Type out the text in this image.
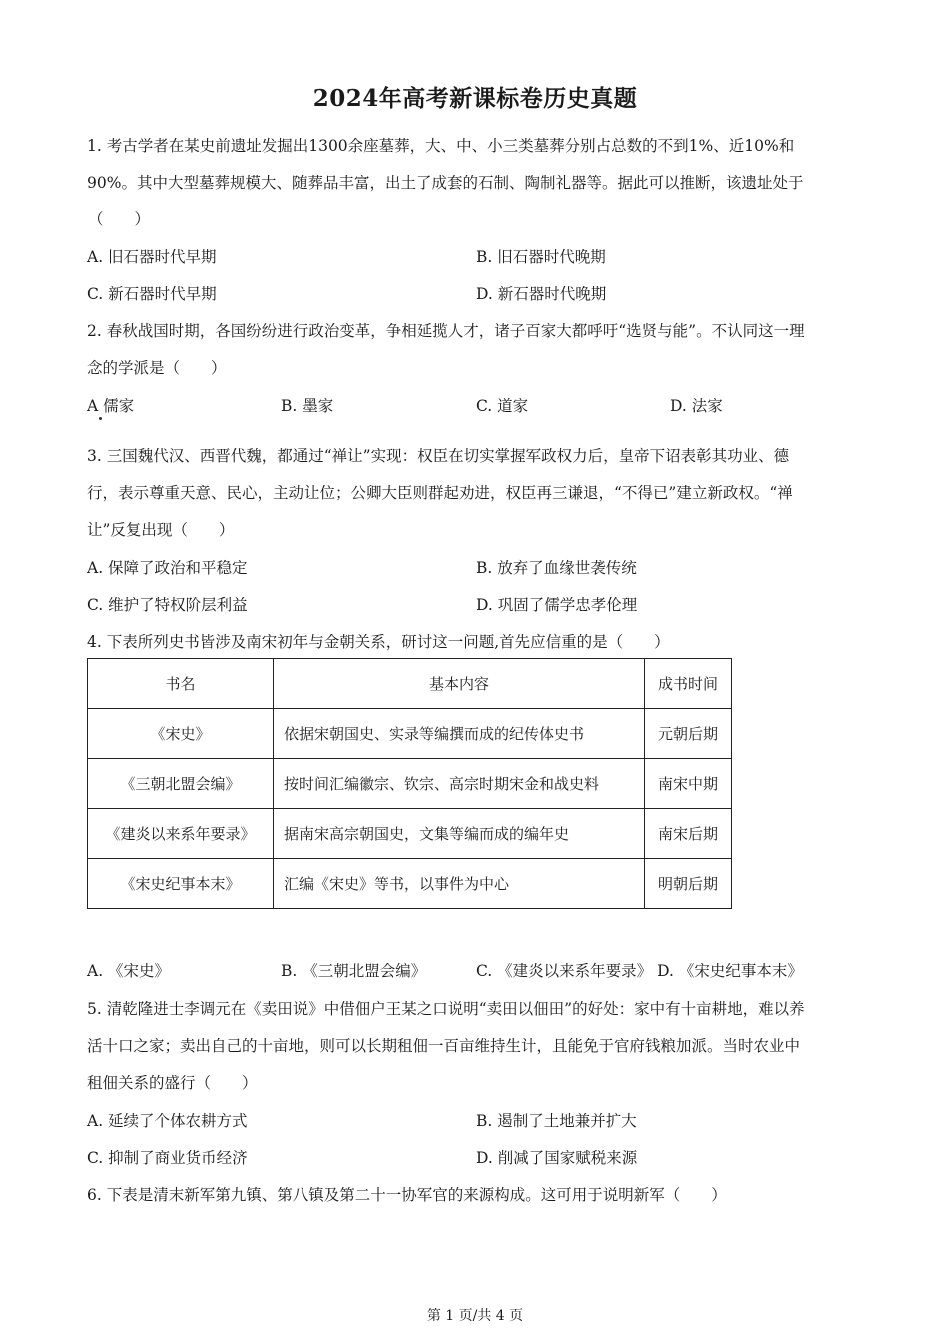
2024年高考新课标卷历史真题
1. 考古学者在某史前遗址发掘出1300余座墓葬，大、中、小三类墓葬分别占总数的不到1%、近10%和
90%。其中大型墓葬规模大、随葬品丰富，出土了成套的石制、陶制礼器等。据此可以推断，该遗址处于
（　　）
A. 旧石器时代早期	B. 旧石器时代晚期
C. 新石器时代早期	D. 新石器时代晚期
2. 春秋战国时期，各国纷纷进行政治变革，争相延揽人才，诸子百家大都呼吁“选贤与能”。不认同这一理
念的学派是（　　）
A 儒家	B. 墨家	C. 道家	D. 法家
3. 三国魏代汉、西晋代魏，都通过“禅让”实现：权臣在切实掌握军政权力后，皇帝下诏表彰其功业、德
行，表示尊重天意、民心，主动让位；公卿大臣则群起劝进，权臣再三谦退，“不得已”建立新政权。“禅
让”反复出现（　　）
A. 保障了政治和平稳定	B. 放弃了血缘世袭传统
C. 维护了特权阶层利益	D. 巩固了儒学忠孝伦理
4. 下表所列史书皆涉及南宋初年与金朝关系，研讨这一问题,首先应信重的是（　　）
书名	基本内容	成书时间
《宋史》	依据宋朝国史、实录等编撰而成的纪传体史书	元朝后期
《三朝北盟会编》	按时间汇编徽宗、钦宗、高宗时期宋金和战史料	南宋中期
《建炎以来系年要录》	据南宋高宗朝国史，文集等编而成的编年史	南宋后期
《宋史纪事本末》	汇编《宋史》等书，以事件为中心	明朝后期
A. 《宋史》	B. 《三朝北盟会编》	C. 《建炎以来系年要录》 D. 《宋史纪事本末》
5. 清乾隆进士李调元在《卖田说》中借佃户王某之口说明“卖田以佃田”的好处：家中有十亩耕地，难以养
活十口之家；卖出自己的十亩地，则可以长期租佃一百亩维持生计，且能免于官府钱粮加派。当时农业中
租佃关系的盛行（　　）
A. 延续了个体农耕方式	B. 遏制了土地兼并扩大
C. 抑制了商业货币经济	D. 削减了国家赋税来源
6. 下表是清末新军第九镇、第八镇及第二十一协军官的来源构成。这可用于说明新军（　　）
第 1 页/共 4 页
